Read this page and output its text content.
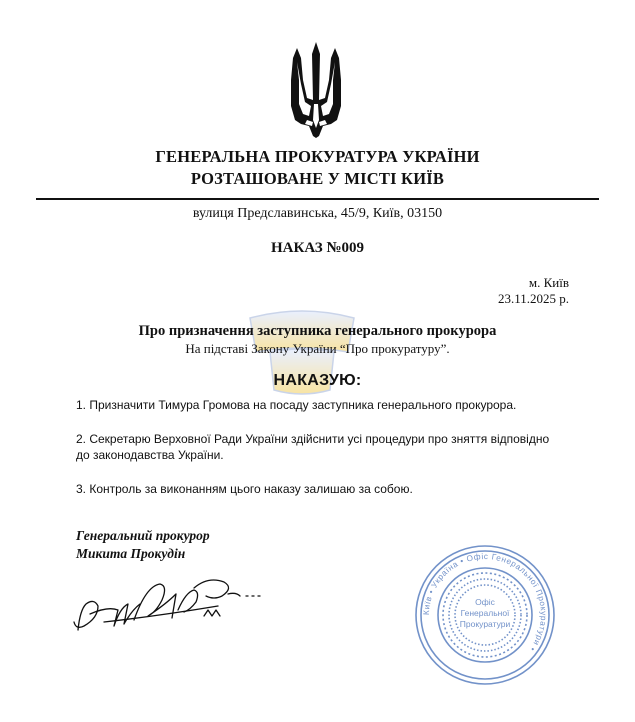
ГЕНЕРАЛЬНА ПРОКУРАТУРА УКРАЇНИ
РОЗТАШОВАНЕ У МІСТІ КИЇВ
вулиця Предславинська, 45/9, Київ, 03150
НАКАЗ №009
м. Київ
23.11.2025 р.
Про призначення заступника генерального прокурора
На підставі Закону України “Про прокуратуру”.
НАКАЗУЮ:
1. Призначити Тимура Громова на посаду заступника генерального прокурора.
2. Секретарю Верховної Ради України здійснити усі процедури про зняття відповідно
до законодавства України.
3. Контроль за виконанням цього наказу залишаю за собою.
Генеральний прокурор
Микита Прокудін
Київ • Україна • Офіс Генеральної Прокуратури •
Офіс
Генеральної
Прокуратури
